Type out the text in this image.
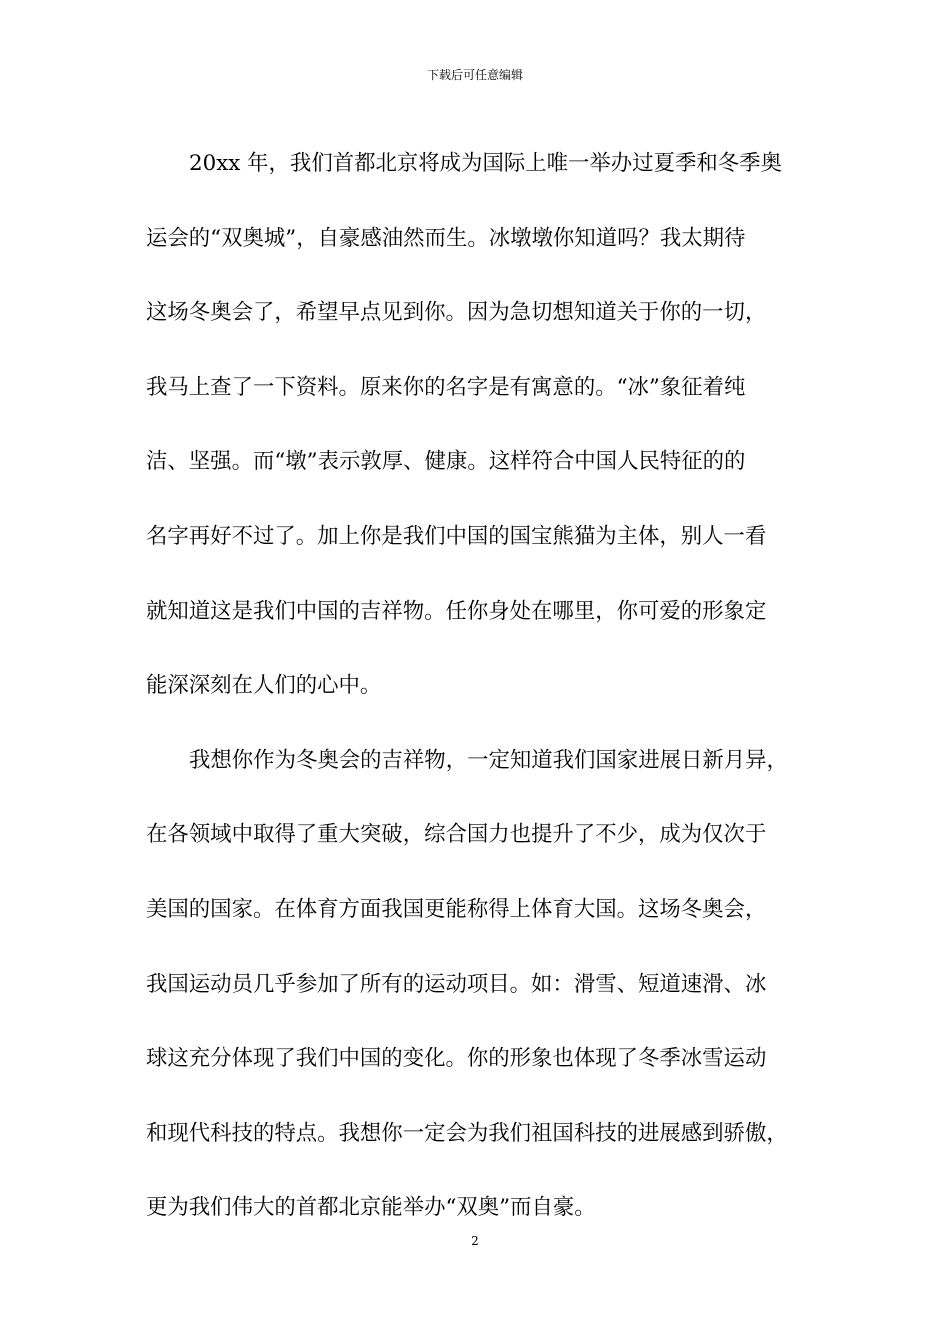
下载后可任意编辑

20xx 年，我们首都北京将成为国际上唯一举办过夏季和冬季奥
运会的“双奥城”，自豪感油然而生。冰墩墩你知道吗？我太期待
这场冬奥会了，希望早点见到你。因为急切想知道关于你的一切，
我马上查了一下资料。原来你的名字是有寓意的。“冰”象征着纯
洁、坚强。而“墩”表示敦厚、健康。这样符合中国人民特征的的
名字再好不过了。加上你是我们中国的国宝熊猫为主体，别人一看
就知道这是我们中国的吉祥物。任你身处在哪里，你可爱的形象定
能深深刻在人们的心中。

我想你作为冬奥会的吉祥物，一定知道我们国家进展日新月异，
在各领域中取得了重大突破，综合国力也提升了不少，成为仅次于
美国的国家。在体育方面我国更能称得上体育大国。这场冬奥会，
我国运动员几乎参加了所有的运动项目。如：滑雪、短道速滑、冰
球这充分体现了我们中国的变化。你的形象也体现了冬季冰雪运动
和现代科技的特点。我想你一定会为我们祖国科技的进展感到骄傲，
更为我们伟大的首都北京能举办“双奥”而自豪。

2
